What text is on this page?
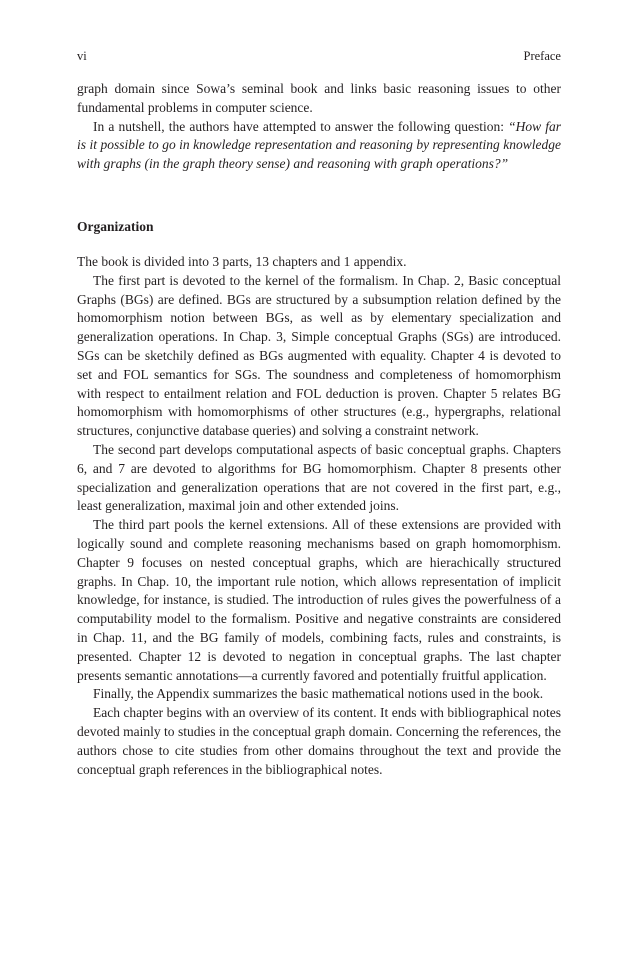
vi	Preface

graph domain since Sowa’s seminal book and links basic reasoning issues to other fundamental problems in computer science.

In a nutshell, the authors have attempted to answer the following question: “How far is it possible to go in knowledge representation and reasoning by representing knowledge with graphs (in the graph theory sense) and reasoning with graph operations?”

Organization

The book is divided into 3 parts, 13 chapters and 1 appendix.

The first part is devoted to the kernel of the formalism. In Chap. 2, Basic conceptual Graphs (BGs) are defined. BGs are structured by a subsumption relation defined by the homomorphism notion between BGs, as well as by elementary specialization and generalization operations. In Chap. 3, Simple conceptual Graphs (SGs) are introduced. SGs can be sketchily defined as BGs augmented with equality. Chapter 4 is devoted to set and FOL semantics for SGs. The soundness and completeness of homomorphism with respect to entailment relation and FOL deduction is proven. Chapter 5 relates BG homomorphism with homomorphisms of other structures (e.g., hypergraphs, relational structures, conjunctive database queries) and solving a constraint network.

The second part develops computational aspects of basic conceptual graphs. Chapters 6, and 7 are devoted to algorithms for BG homomorphism. Chapter 8 presents other specialization and generalization operations that are not covered in the first part, e.g., least generalization, maximal join and other extended joins.

The third part pools the kernel extensions. All of these extensions are provided with logically sound and complete reasoning mechanisms based on graph homomorphism. Chapter 9 focuses on nested conceptual graphs, which are hierachically structured graphs. In Chap. 10, the important rule notion, which allows representation of implicit knowledge, for instance, is studied. The introduction of rules gives the powerfulness of a computability model to the formalism. Positive and negative constraints are considered in Chap. 11, and the BG family of models, combining facts, rules and constraints, is presented. Chapter 12 is devoted to negation in conceptual graphs. The last chapter presents semantic annotations—a currently favored and potentially fruitful application.

Finally, the Appendix summarizes the basic mathematical notions used in the book.

Each chapter begins with an overview of its content. It ends with bibliographical notes devoted mainly to studies in the conceptual graph domain. Concerning the references, the authors chose to cite studies from other domains throughout the text and provide the conceptual graph references in the bibliographical notes.
